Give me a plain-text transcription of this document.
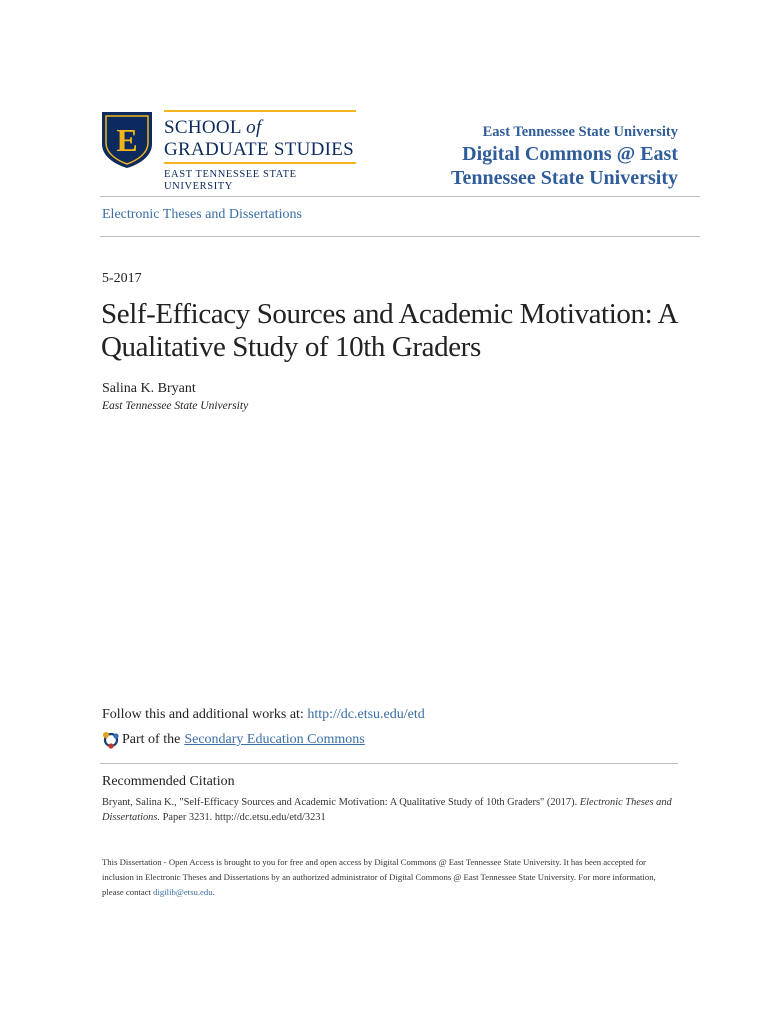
E SCHOOL of
GRADUATE STUDIES
EAST TENNESSEE STATE UNIVERSITY
East Tennessee State University
Digital Commons @ East
Tennessee State University
Electronic Theses and Dissertations
5-2017
Self-Efficacy Sources and Academic Motivation: A Qualitative Study of 10th Graders
Salina K. Bryant
East Tennessee State University
Follow this and additional works at: http://dc.etsu.edu/etd
Part of the Secondary Education Commons
Recommended Citation
Bryant, Salina K., "Self-Efficacy Sources and Academic Motivation: A Qualitative Study of 10th Graders" (2017). Electronic Theses and Dissertations. Paper 3231. http://dc.etsu.edu/etd/3231
This Dissertation - Open Access is brought to you for free and open access by Digital Commons @ East Tennessee State University. It has been accepted for inclusion in Electronic Theses and Dissertations by an authorized administrator of Digital Commons @ East Tennessee State University. For more information, please contact digilib@etsu.edu.
